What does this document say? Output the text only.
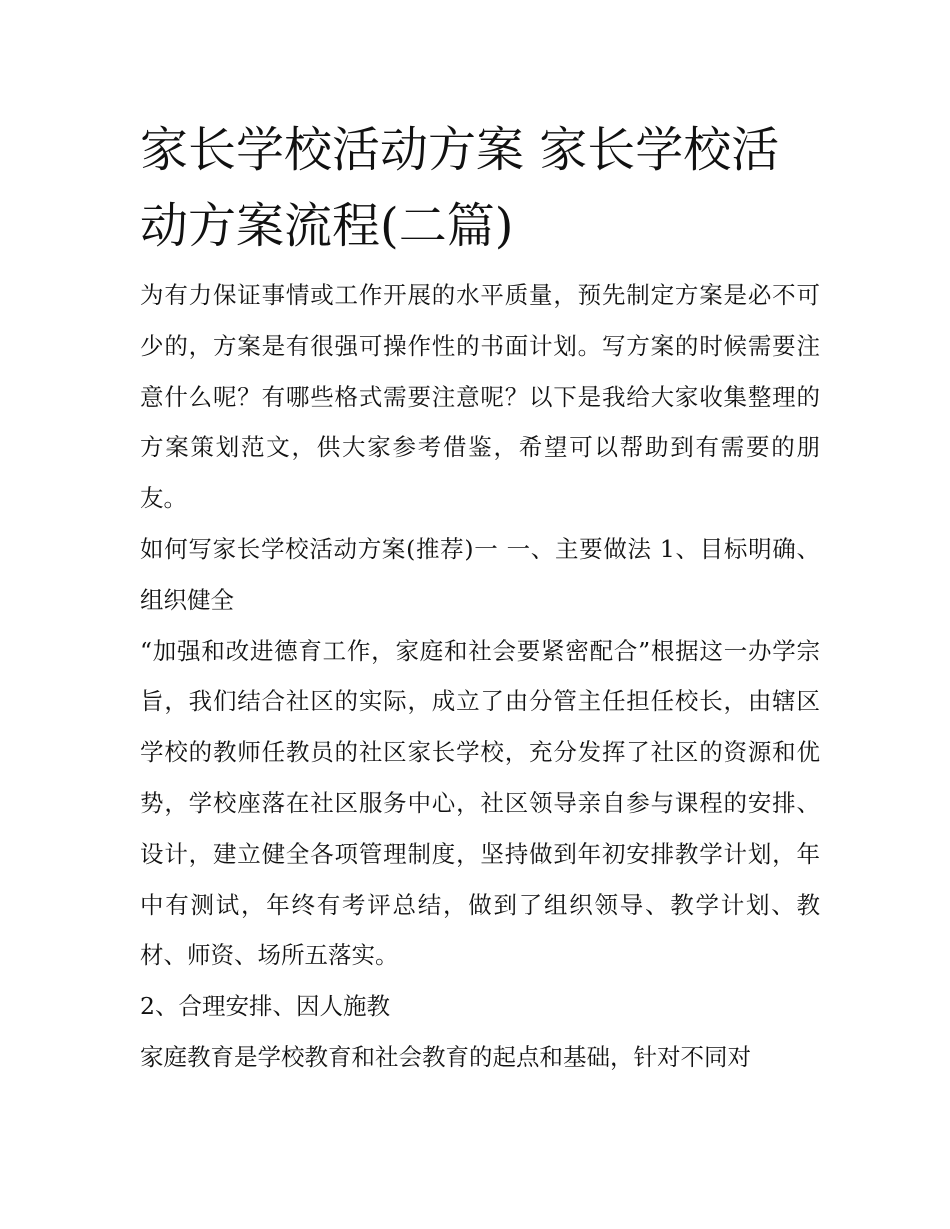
家长学校活动方案 家长学校活动方案流程(二篇)

为有力保证事情或工作开展的水平质量，预先制定方案是必不可少的，方案是有很强可操作性的书面计划。写方案的时候需要注意什么呢？有哪些格式需要注意呢？以下是我给大家收集整理的方案策划范文，供大家参考借鉴，希望可以帮助到有需要的朋友。

如何写家长学校活动方案(推荐)一 一、主要做法 1、目标明确、组织健全

“加强和改进德育工作，家庭和社会要紧密配合”根据这一办学宗旨，我们结合社区的实际，成立了由分管主任担任校长，由辖区学校的教师任教员的社区家长学校，充分发挥了社区的资源和优势，学校座落在社区服务中心，社区领导亲自参与课程的安排、设计，建立健全各项管理制度，坚持做到年初安排教学计划，年中有测试，年终有考评总结，做到了组织领导、教学计划、教材、师资、场所五落实。

2、合理安排、因人施教

家庭教育是学校教育和社会教育的起点和基础，针对不同对
